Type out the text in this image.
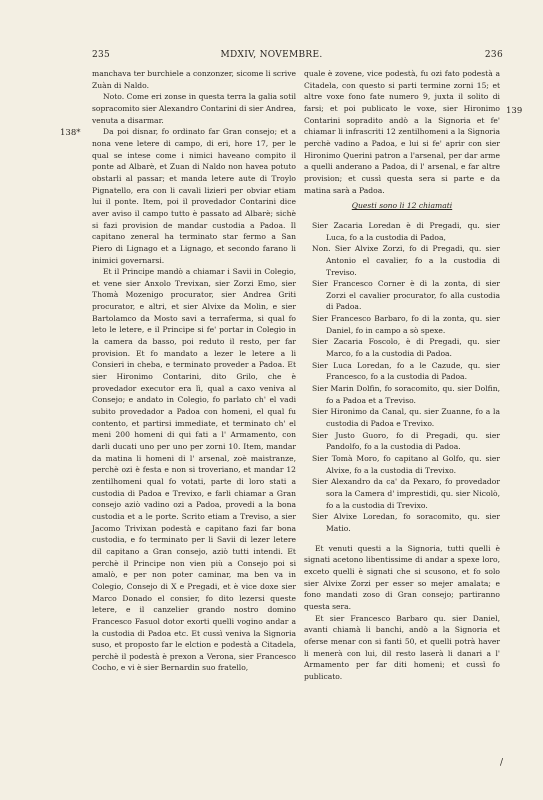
235	MDXIV, NOVEMBRE.	236
138*
139

manchava ter burchiele a conzonzer, sicome li scrive Zuàn di Naldo.

Noto. Come eri zonse in questa terra la galia sotil sopracomito sier Alexandro Contarini di sier Andrea, venuta a disarmar.

Da poi disnar, fo ordinato far Gran consejo; et a nona vene letere di campo, di eri, hore 17, per le qual se intese come i nimici haveano compito il ponte ad Albarè, et Zuan di Naldo non havea potuto obstarli al passar; et manda letere aute di Troylo Pignatello, era con li cavali lizieri per obviar etiam lui il ponte. Item, poi il provedador Contarini dice aver aviso il campo tutto è passato ad Albarè; sichè si fazi provision de mandar custodia a Padoa. Il capitano zeneral ha terminato star fermo a San Piero di Lignago et a Lignago, et secondo farano li inimici governarsi.

Et il Principe mandò a chiamar i Savii in Colegio, et vene sier Anxolo Trevixan, sier Zorzi Emo, sier Thomà Mozenigo procurator, sier Andrea Griti procurator, e altri, et sier Alvixe da Molin, e sier Bartolamco da Mosto savi a terraferma, si qual fo leto le letere, e il Principe si fe' portar in Colegio in la camera da basso, poi reduto il resto, per far provision. Et fo mandato a lezer le letere a li Consieri in cheba, e terminato proveder a Padoa. Et sier Hironimo Contarini, dito Grilo, che è provedador executor era lì, qual a caxo veniva al Consejo; e andato in Colegio, fo parlato ch' el vadi subito provedador a Padoa con homeni, el qual fu contento, et partirsi immediate, et terminato ch' el meni 200 homeni di qui fati a l' Armamento, con darli ducati uno per uno per zorni 10. Item, mandar da matina li homeni di l' arsenal, zoè maistranze, perchè ozi è festa e non si troveriano, et mandar 12 zentilhomeni qual fo votati, parte di loro stati a custodia di Padoa e Trevixo, e farli chiamar a Gran consejo aziò vadino ozi a Padoa, provedi a la bona custodia et a le porte. Scrito etiam a Treviso, a sier Jacomo Trivixan podestà e capitano fazi far bona custodia, e fo terminato per li Savii di lezer letere dil capitano a Gran consejo, aziò tutti intendi. Et perchè il Principe non vien più a Consejo poi si amalò, e per non poter caminar, ma ben va in Colegio, Consejo di X e Pregadi, et è vice doxe sier Marco Donado el consier, fo dito lezersi queste letere, e il canzelier grando nostro domino Francesco Fasuol dotor exorti quelli vogino andar a la custodia di Padoa etc. Et cussì veniva la Signoria suso, et proposto far le elction e podestà a Citadela, perchè il podestà è prexon a Verona, sier Francesco Cocho, e vi è sier Bernardin suo fratello,

quale è zovene, vice podestà, fu ozi fato podestà a Citadela, con questo si parti termine zorni 15; et altre voxe fono fate numero 9, juxta il solito di farsi; et poi publicato le voxe, sier Hironimo Contarini sopradito andò a la Signoria et fe' chiamar li infrascriti 12 zentilhomeni a la Signoria perchè vadino a Padoa, e lui si fe' aprir con sier Hironimo Querini patron a l'arsenal, per dar arme a quelli anderano a Padoa, di l' arsenal, e far altre provision; et cussì questa sera si parte e da matina sarà a Padoa.

Questi sono li 12 chiamati

Sier Zacaria Loredan è di Pregadi, qu. sier Luca, fo a la custodia di Padoa,

Non. Sier Alvixe Zorzi, fo di Pregadi, qu. sier Antonio el cavalier, fo a la custodia di Treviso.

Sier Francesco Corner è di la zonta, di sier Zorzi el cavalier procurator, fo alla custodia di Padoa.

Sier Francesco Barbaro, fo di la zonta, qu. sier Daniel, fo in campo a sò spexe.

Sier Zacaria Foscolo, è di Pregadi, qu. sier Marco, fo a la custodia di Padoa.

Sier Luca Loredan, fo a le Cazude, qu. sier Francesco, fo a la custodia di Padoa.

Sier Marin Dolfin, fo soracomito, qu. sier Dolfin, fo a Padoa et a Treviso.

Sier Hironimo da Canal, qu. sier Zuanne, fo a la custodia di Padoa e Trevixo.

Sier Justo Guoro, fo di Pregadi, qu. sier Pandolfo, fo a la custodia di Padoa.

Sier Tomà Moro, fo capitano al Golfo, qu. sier Alvixe, fo a la custodia di Trevixo.

Sier Alexandro da ca' da Pexaro, fo provedador sora la Camera d' imprestidi, qu. sier Nicolò, fo a la custodia di Trevixo.

Sier Alvixe Loredan, fo soracomito, qu. sier Matio.

Et venuti questi a la Signoria, tutti quelli è signati acetono libentissime di andar a spexe loro, exceto quelli è signati che si scusono, et fo solo sier Alvixe Zorzi per esser so mejer amalata; e fono mandati zoso di Gran consejo; partiranno questa sera.

Et sier Francesco Barbaro qu. sier Daniel, avanti chiamà li banchi, andò a la Signoria et oferse menar con si fanti 50, et quelli potrà haver li menerà con lui, dil resto laserà li danari a l' Armamento per far diti homeni; et cussì fo publicato.

/
